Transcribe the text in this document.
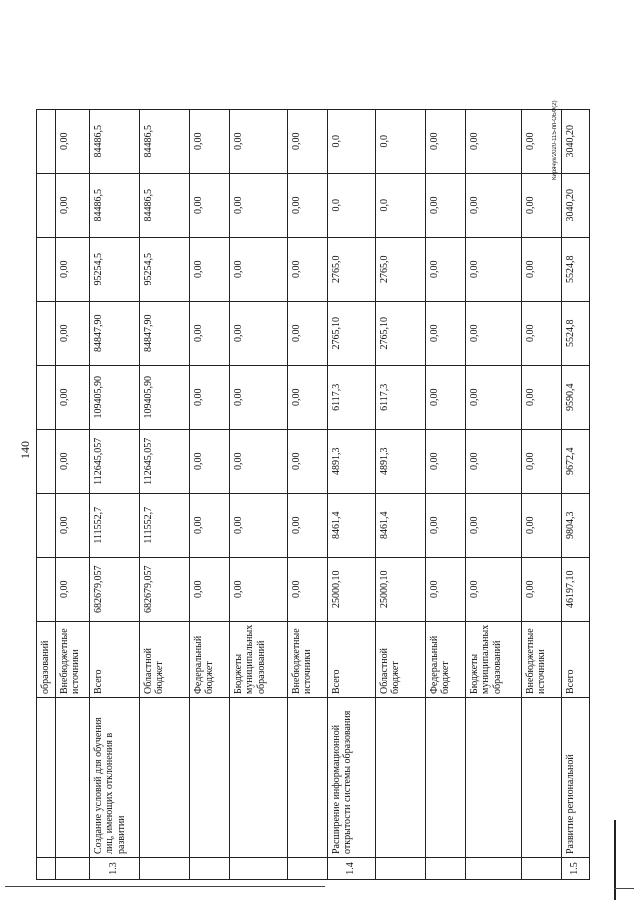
140
		образований								
		Внебюджетные источники	0,00	0,00	0,00	0,00	0,00	0,00	0,00	0,00
1.3	Создание условий для обучения лиц, имеющих отклонения в развитии	Всего	682679,057	111552,7	112645,057	109405,90	84847,90	95254,5	84486,5	84486,5
		Областной бюджет	682679,057	111552,7	112645,057	109405,90	84847,90	95254,5	84486,5	84486,5
		Федеральный бюджет	0,00	0,00	0,00	0,00	0,00	0,00	0,00	0,00
		Бюджеты муниципальных образований	0,00	0,00	0,00	0,00	0,00	0,00	0,00	0,00
		Внебюджетные источники	0,00	0,00	0,00	0,00	0,00	0,00	0,00	0,00
1.4	Расширение информационной открытости системы образования	Всего	25000,10	8461,4	4891,3	6117,3	2765,10	2765,0	0,0	0,0
		Областной бюджет	25000,10	8461,4	4891,3	6117,3	2765,10	2765,0	0,0	0,0
		Федеральный бюджет	0,00	0,00	0,00	0,00	0,00	0,00	0,00	0,00
		Бюджеты муниципальных образований	0,00	0,00	0,00	0,00	0,00	0,00	0,00	0,00
		Внебюджетные источники	0,00	0,00	0,00	0,00	0,00	0,00	0,00	0,00
1.5	Развитие региональной	Всего	46197,10	9804,3	9672,4	9590,4	5524,8	5524,8	3040,20	3040,20
Кирячук/2020-115-пп-ОБФ(2)
